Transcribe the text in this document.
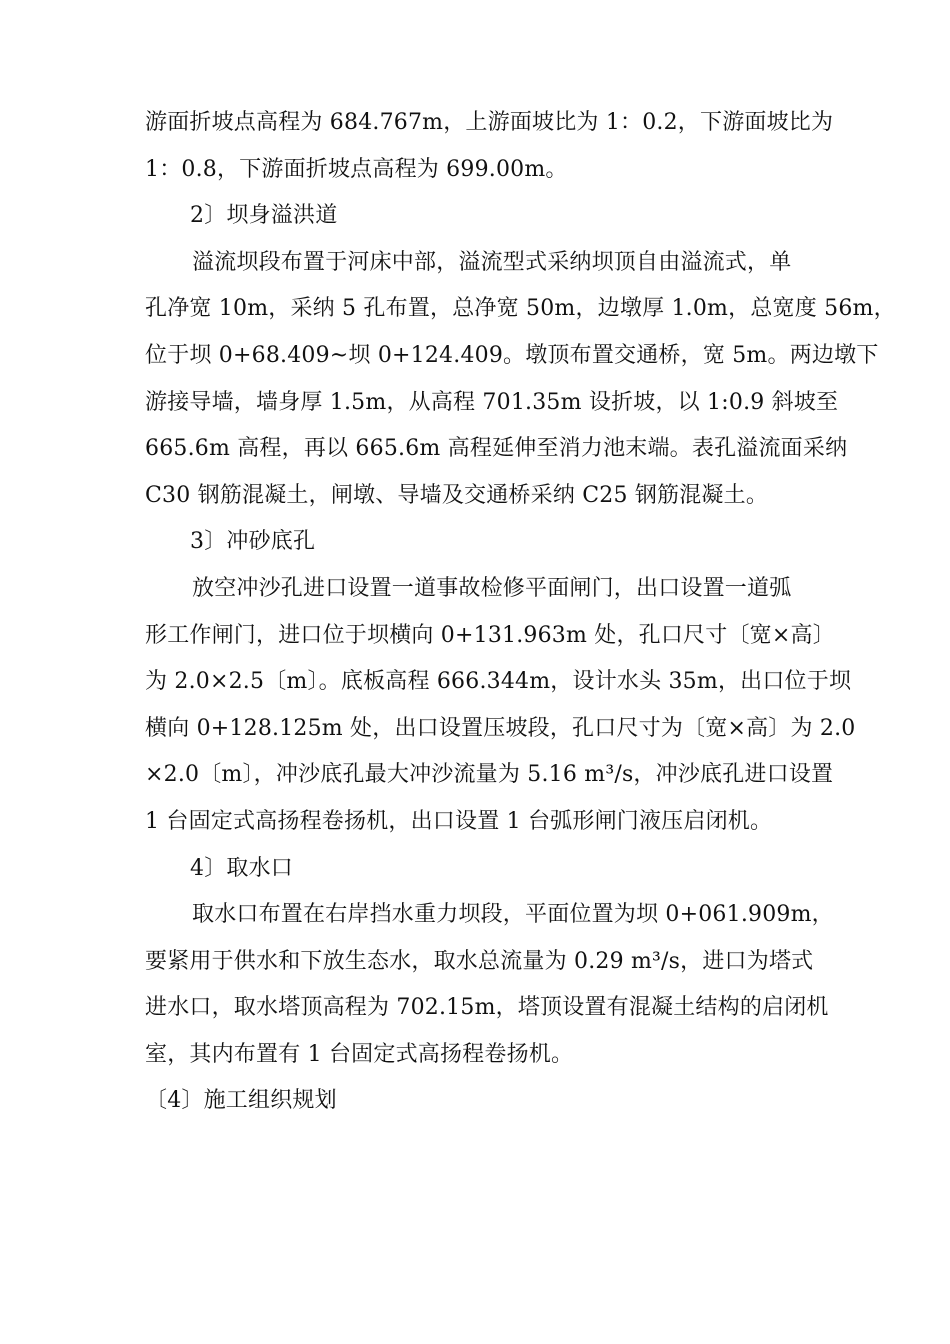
游面折坡点高程为 684.767m，上游面坡比为 1：0.2，下游面坡比为
1：0.8，下游面折坡点高程为 699.00m。
2〕坝身溢洪道
溢流坝段布置于河床中部，溢流型式采纳坝顶自由溢流式，单
孔净宽 10m，采纳 5 孔布置，总净宽 50m，边墩厚 1.0m，总宽度 56m，
位于坝 0+68.409~坝 0+124.409。墩顶布置交通桥，宽 5m。两边墩下
游接导墙，墙身厚 1.5m，从高程 701.35m 设折坡，以 1:0.9 斜坡至
665.6m 高程，再以 665.6m 高程延伸至消力池末端。表孔溢流面采纳
C30 钢筋混凝土，闸墩、导墙及交通桥采纳 C25 钢筋混凝土。
3〕冲砂底孔
放空冲沙孔进口设置一道事故检修平面闸门，出口设置一道弧
形工作闸门，进口位于坝横向 0+131.963m 处，孔口尺寸〔宽×高〕
为 2.0×2.5〔m〕。底板高程 666.344m，设计水头 35m，出口位于坝
横向 0+128.125m 处，出口设置压坡段，孔口尺寸为〔宽×高〕为 2.0
×2.0〔m〕，冲沙底孔最大冲沙流量为 5.16 m³/s，冲沙底孔进口设置
1 台固定式高扬程卷扬机，出口设置 1 台弧形闸门液压启闭机。
4〕取水口
取水口布置在右岸挡水重力坝段，平面位置为坝 0+061.909m，
要紧用于供水和下放生态水，取水总流量为 0.29 m³/s，进口为塔式
进水口，取水塔顶高程为 702.15m，塔顶设置有混凝土结构的启闭机
室，其内布置有 1 台固定式高扬程卷扬机。
〔4〕施工组织规划
